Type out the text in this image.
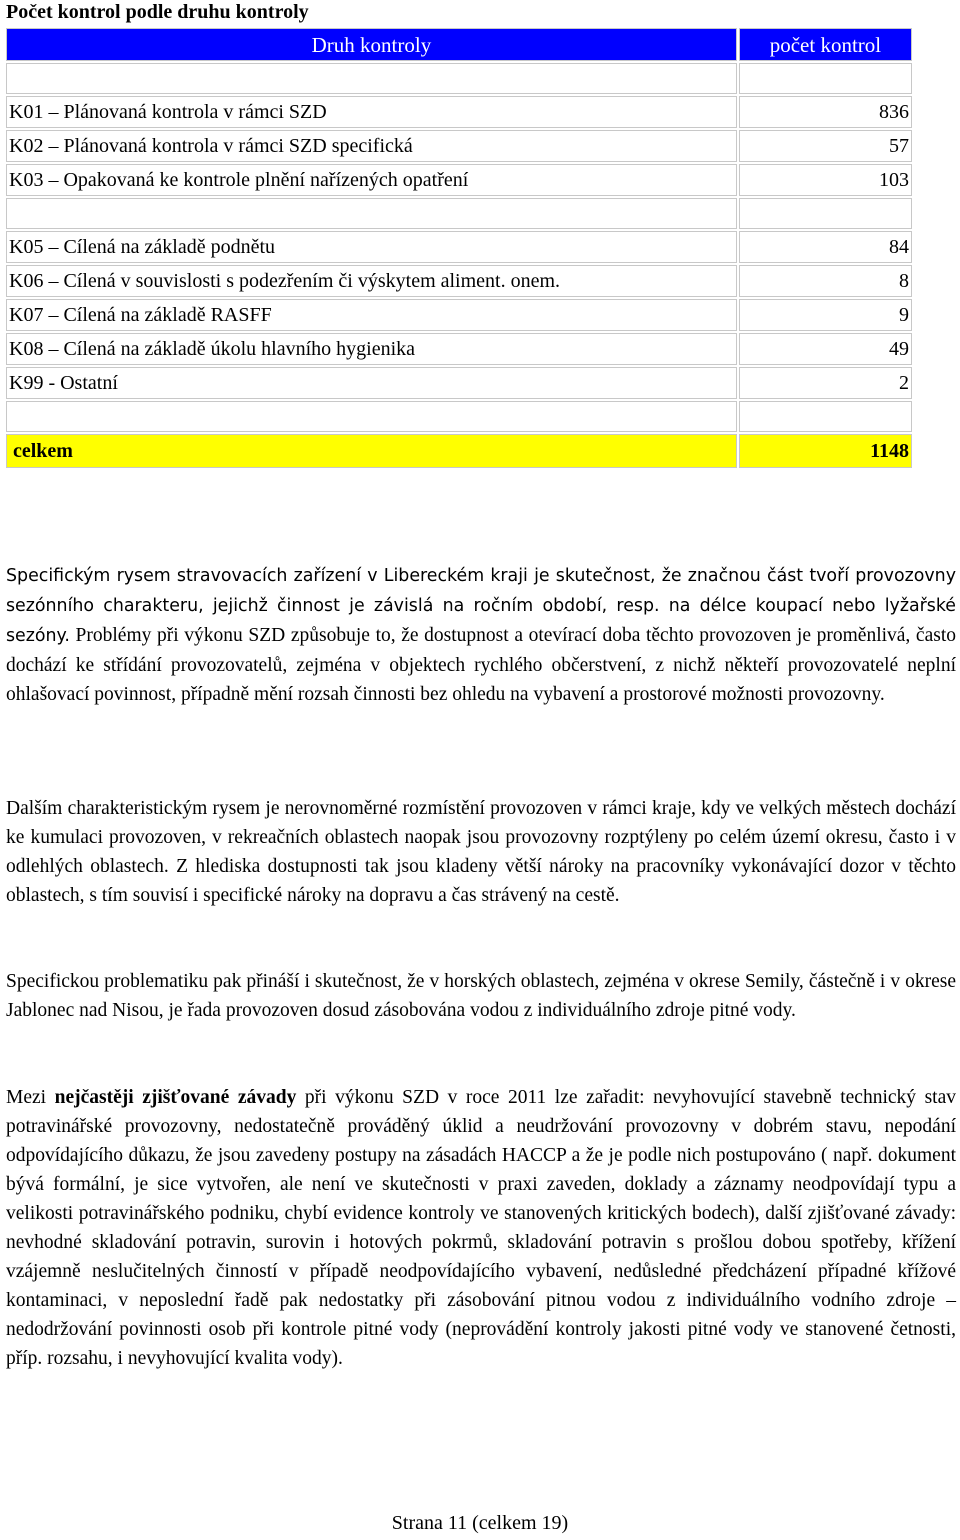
Počet kontrol podle druhu kontroly

Druh kontroly	počet kontrol

K01 – Plánovaná kontrola v rámci SZD	836
K02 – Plánovaná kontrola v rámci SZD specifická	57
K03 – Opakovaná ke kontrole plnění nařízených opatření	103

K05 – Cílená na základě podnětu	84
K06 – Cílená v souvislosti s podezřením či výskytem aliment. onem.	8
K07 – Cílená na základě RASFF	9
K08 – Cílená na základě úkolu hlavního hygienika	49
K99 - Ostatní	2

celkem	1148

Specifickým rysem stravovacích zařízení v Libereckém kraji je skutečnost, že značnou část tvoří provozovny sezónního charakteru, jejichž činnost je závislá na ročním období, resp. na délce koupací nebo lyžařské sezóny. Problémy při výkonu SZD způsobuje to, že dostupnost a otevírací doba těchto provozoven je proměnlivá, často dochází ke střídání provozovatelů, zejména v objektech rychlého občerstvení, z nichž někteří provozovatelé neplní ohlašovací povinnost, případně mění rozsah činnosti bez ohledu na vybavení a prostorové možnosti provozovny.

Dalším charakteristickým rysem je nerovnoměrné rozmístění provozoven v rámci kraje, kdy ve velkých městech dochází ke kumulaci provozoven, v rekreačních oblastech naopak jsou provozovny rozptýleny po celém území okresu, často i v odlehlých oblastech. Z hlediska dostupnosti tak jsou kladeny větší nároky na pracovníky vykonávající dozor v těchto oblastech, s tím souvisí i specifické nároky na dopravu a čas strávený na cestě.

Specifickou problematiku pak přináší i skutečnost, že v horských oblastech, zejména v okrese Semily, částečně i v okrese Jablonec nad Nisou, je řada provozoven dosud zásobována vodou z individuálního zdroje pitné vody.

Mezi nejčastěji zjišťované závady při výkonu SZD v roce 2011 lze zařadit: nevyhovující stavebně technický stav potravinářské provozovny, nedostatečně prováděný úklid a neudržování provozovny v dobrém stavu, nepodání odpovídajícího důkazu, že jsou zavedeny postupy na zásadách HACCP a že je podle nich postupováno ( např. dokument bývá formální, je sice vytvořen, ale není ve skutečnosti v praxi zaveden, doklady a záznamy neodpovídají typu a velikosti potravinářského podniku, chybí evidence kontroly ve stanovených kritických bodech), další zjišťované závady: nevhodné skladování potravin, surovin i hotových pokrmů, skladování potravin s prošlou dobou spotřeby, křížení vzájemně neslučitelných činností v případě neodpovídajícího vybavení, nedůsledné předcházení případné křížové kontaminaci, v neposlední řadě pak nedostatky při zásobování pitnou vodou z individuálního vodního zdroje – nedodržování povinnosti osob při kontrole pitné vody (neprovádění kontroly jakosti pitné vody ve stanovené četnosti, příp. rozsahu, i nevyhovující kvalita vody).

Strana 11 (celkem 19)
